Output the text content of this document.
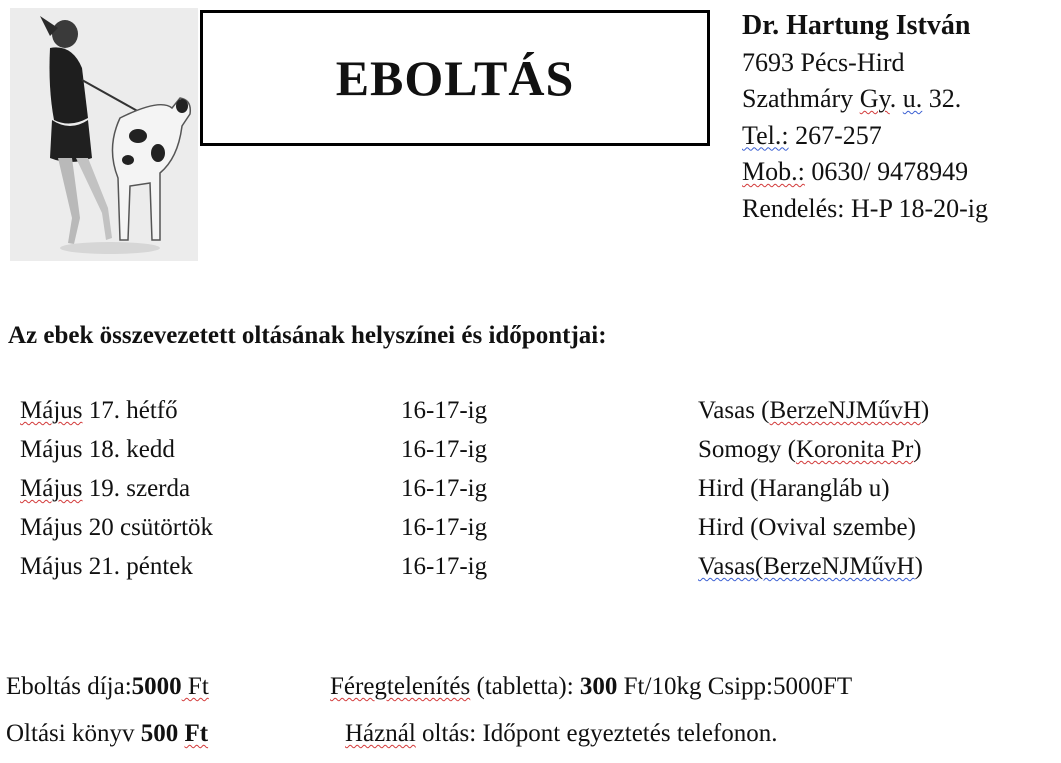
EBOLTÁS
Dr. Hartung István
7693 Pécs-Hird
Szathmáry Gy. u. 32.
Tel.: 267-257
Mob.: 0630/ 9478949
Rendelés: H-P 18-20-ig
Az ebek összevezetett oltásának helyszínei és időpontjai:
Május 17. hétfő	16-17-ig	Vasas (BerzeNJMűvH)
Május 18. kedd	16-17-ig	Somogy (Koronita Pr)
Május 19. szerda	16-17-ig	Hird (Harangláb u)
Május 20 csütörtök	16-17-ig	Hird (Ovival szembe)
Május 21. péntek	16-17-ig	Vasas(BerzeNJMűvH)
Eboltás díja:5000 Ft	Féregtelenítés (tabletta): 300 Ft/10kg Csipp:5000FT
Oltási könyv 500 Ft	Háznál oltás: Időpont egyeztetés telefonon.
